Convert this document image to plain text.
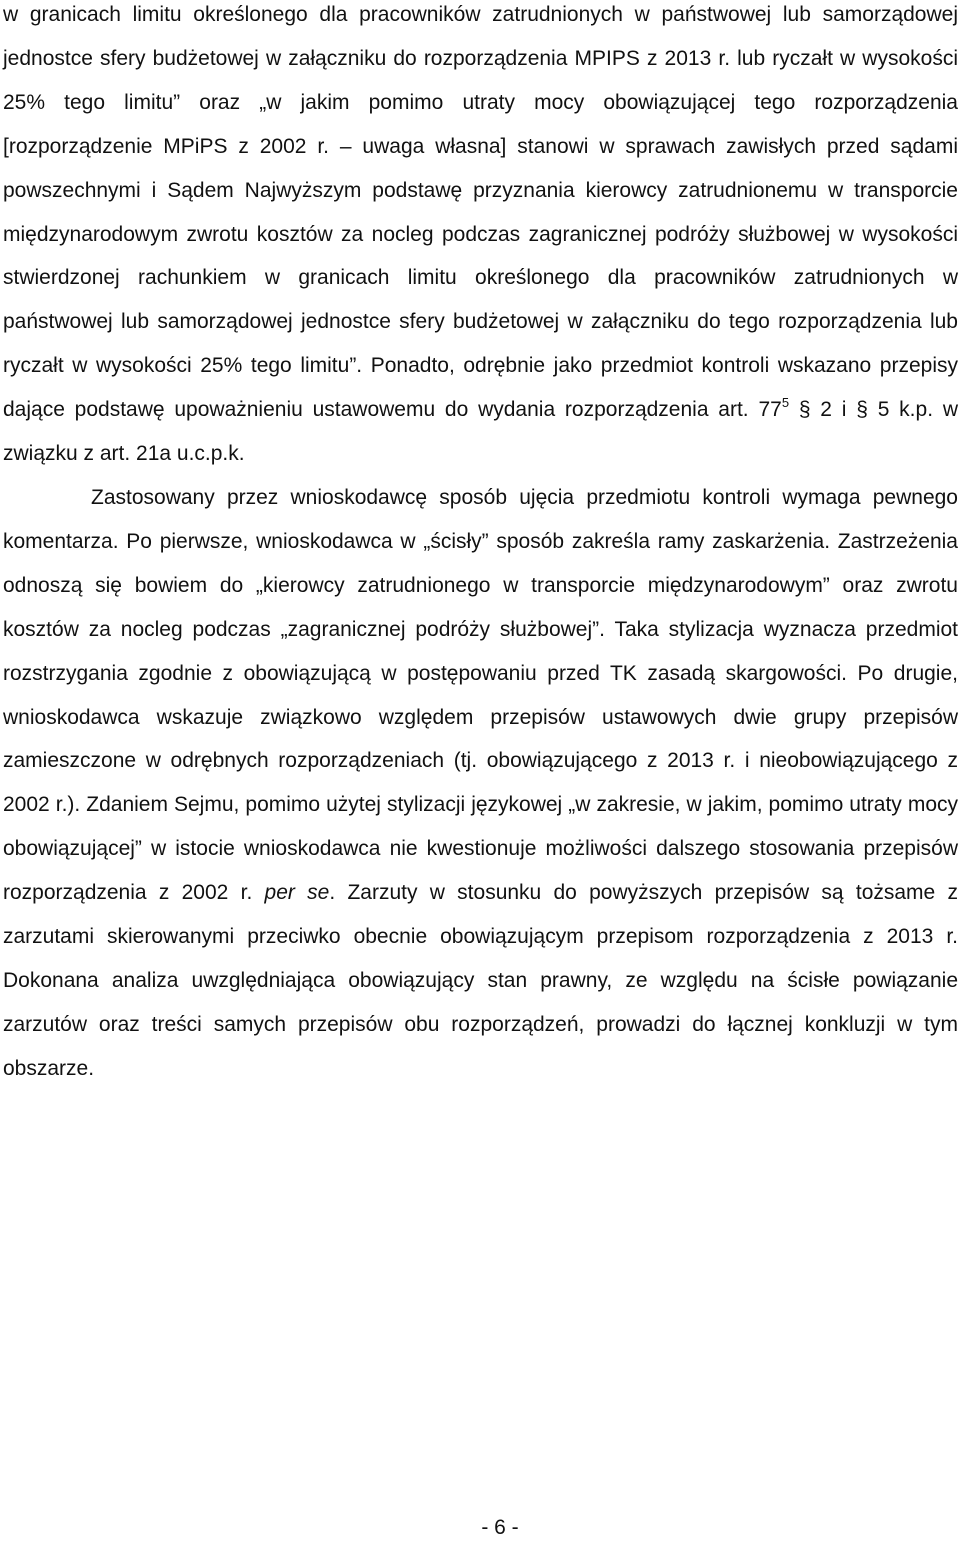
w granicach limitu określonego dla pracowników zatrudnionych w państwowej lub samorządowej jednostce sfery budżetowej w załączniku do rozporządzenia MPIPS z 2013 r. lub ryczałt w wysokości 25% tego limitu” oraz „w jakim pomimo utraty mocy obowiązującej tego rozporządzenia [rozporządzenie MPiPS z 2002 r. – uwaga własna] stanowi w sprawach zawisłych przed sądami powszechnymi i Sądem Najwyższym podstawę przyznania kierowcy zatrudnionemu w transporcie międzynarodowym zwrotu kosztów za nocleg podczas zagranicznej podróży służbowej w wysokości stwierdzonej rachunkiem w granicach limitu określonego dla pracowników zatrudnionych w państwowej lub samorządowej jednostce sfery budżetowej w załączniku do tego rozporządzenia lub ryczałt w wysokości 25% tego limitu”. Ponadto, odrębnie jako przedmiot kontroli wskazano przepisy dające podstawę upoważnieniu ustawowemu do wydania rozporządzenia art. $77^5$ § 2 i § 5 k.p. w związku z art. 21a u.c.p.k.

Zastosowany przez wnioskodawcę sposób ujęcia przedmiotu kontroli wymaga pewnego komentarza. Po pierwsze, wnioskodawca w „ścisły” sposób zakreśla ramy zaskarżenia. Zastrzeżenia odnoszą się bowiem do „kierowcy zatrudnionego w transporcie międzynarodowym” oraz zwrotu kosztów za nocleg podczas „zagranicznej podróży służbowej”. Taka stylizacja wyznacza przedmiot rozstrzygania zgodnie z obowiązującą w postępowaniu przed TK zasadą skargowości. Po drugie, wnioskodawca wskazuje związkowo względem przepisów ustawowych dwie grupy przepisów zamieszczone w odrębnych rozporządzeniach (tj. obowiązującego z 2013 r. i nieobowiązującego z 2002 r.). Zdaniem Sejmu, pomimo użytej stylizacji językowej „w zakresie, w jakim, pomimo utraty mocy obowiązującej” w istocie wnioskodawca nie kwestionuje możliwości dalszego stosowania przepisów rozporządzenia z 2002 r. per se. Zarzuty w stosunku do powyższych przepisów są tożsame z zarzutami skierowanymi przeciwko obecnie obowiązującym przepisom rozporządzenia z 2013 r. Dokonana analiza uwzględniająca obowiązujący stan prawny, ze względu na ścisłe powiązanie zarzutów oraz treści samych przepisów obu rozporządzeń, prowadzi do łącznej konkluzji w tym obszarze.

- 6 -
